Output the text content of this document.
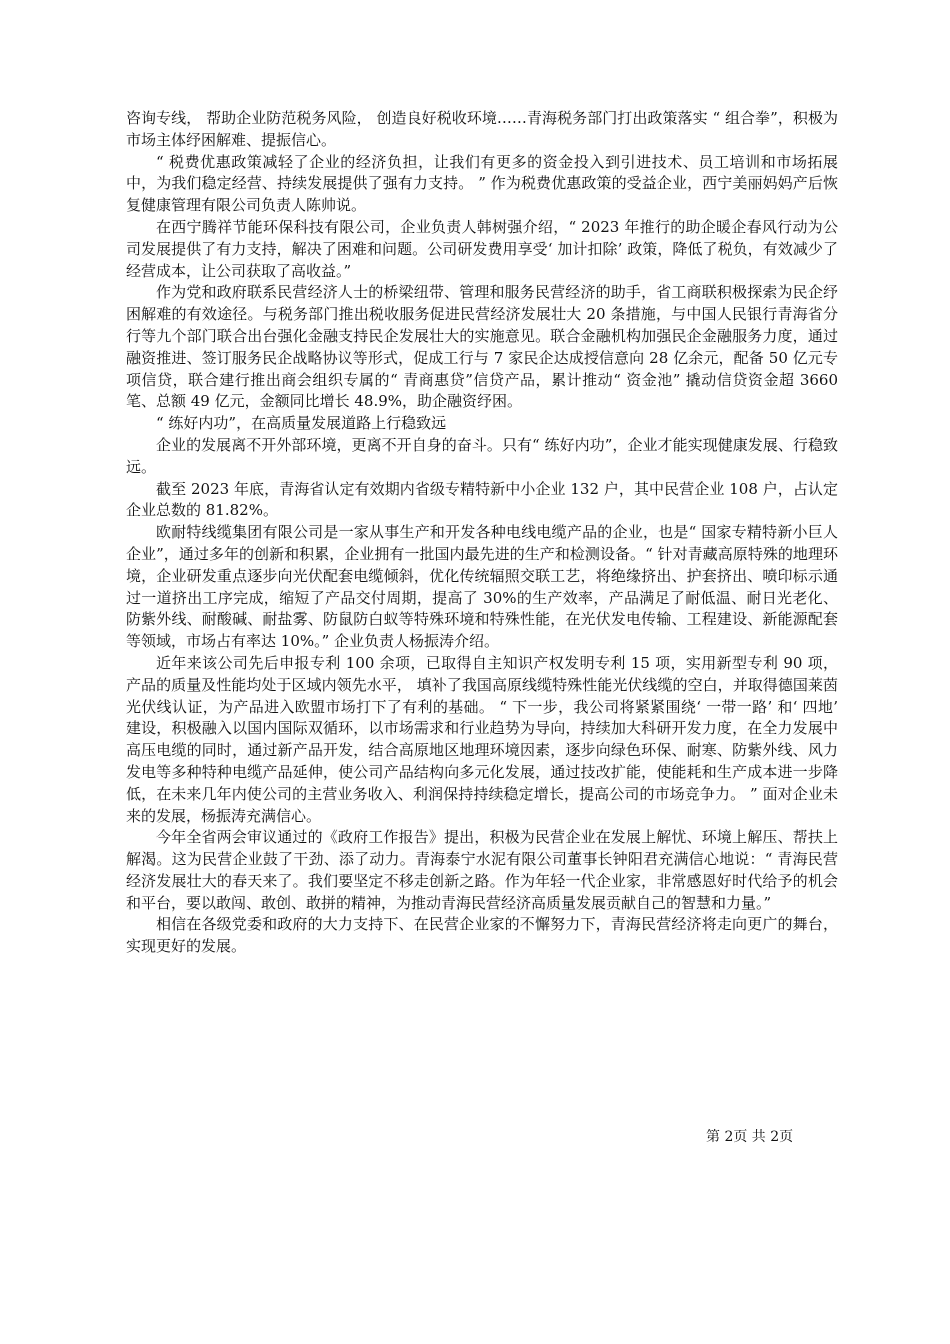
咨询专线， 帮助企业防范税务风险， 创造良好税收环境……青海税务部门打出政策落实 “ 组合拳”，积极为市场主体纾困解难、提振信心。

“ 税费优惠政策减轻了企业的经济负担，让我们有更多的资金投入到引进技术、员工培训和市场拓展中，为我们稳定经营、持续发展提供了强有力支持。 ” 作为税费优惠政策的受益企业，西宁美丽妈妈产后恢复健康管理有限公司负责人陈帅说。

在西宁腾祥节能环保科技有限公司，企业负责人韩树强介绍，“ 2023 年推行的助企暖企春风行动为公司发展提供了有力支持，解决了困难和问题。公司研发费用享受‘ 加计扣除’ 政策，降低了税负，有效减少了经营成本，让公司获取了高收益。”

作为党和政府联系民营经济人士的桥梁纽带、管理和服务民营经济的助手，省工商联积极探索为民企纾困解难的有效途径。与税务部门推出税收服务促进民营经济发展壮大 20 条措施，与中国人民银行青海省分行等九个部门联合出台强化金融支持民企发展壮大的实施意见。联合金融机构加强民企金融服务力度，通过融资推进、签订服务民企战略协议等形式，促成工行与 7 家民企达成授信意向 28 亿余元，配备 50 亿元专项信贷，联合建行推出商会组织专属的“ 青商惠贷”信贷产品，累计推动“ 资金池” 撬动信贷资金超 3660 笔、总额 49 亿元，金额同比增长 48.9%，助企融资纾困。

“ 练好内功”，在高质量发展道路上行稳致远

企业的发展离不开外部环境，更离不开自身的奋斗。只有“ 练好内功”，企业才能实现健康发展、行稳致远。

截至 2023 年底，青海省认定有效期内省级专精特新中小企业 132 户，其中民营企业 108 户，占认定企业总数的 81.82%。

欧耐特线缆集团有限公司是一家从事生产和开发各种电线电缆产品的企业，也是“ 国家专精特新小巨人企业”，通过多年的创新和积累，企业拥有一批国内最先进的生产和检测设备。“ 针对青藏高原特殊的地理环境，企业研发重点逐步向光伏配套电缆倾斜，优化传统辐照交联工艺，将绝缘挤出、护套挤出、喷印标示通过一道挤出工序完成，缩短了产品交付周期，提高了 30%的生产效率，产品满足了耐低温、耐日光老化、防紫外线、耐酸碱、耐盐雾、防鼠防白蚁等特殊环境和特殊性能，在光伏发电传输、工程建设、新能源配套等领域，市场占有率达 10%。” 企业负责人杨振涛介绍。

近年来该公司先后申报专利 100 余项，已取得自主知识产权发明专利 15 项，实用新型专利 90 项， 产品的质量及性能均处于区域内领先水平， 填补了我国高原线缆特殊性能光伏线缆的空白，并取得德国莱茵光伏线认证，为产品进入欧盟市场打下了有利的基础。 “ 下一步，我公司将紧紧围绕‘ 一带一路’ 和‘ 四地’ 建设，积极融入以国内国际双循环，以市场需求和行业趋势为导向，持续加大科研开发力度，在全力发展中高压电缆的同时，通过新产品开发，结合高原地区地理环境因素，逐步向绿色环保、耐寒、防紫外线、风力发电等多种特种电缆产品延伸，使公司产品结构向多元化发展，通过技改扩能，使能耗和生产成本进一步降低，在未来几年内使公司的主营业务收入、利润保持持续稳定增长，提高公司的市场竞争力。 ” 面对企业未来的发展，杨振涛充满信心。

今年全省两会审议通过的《政府工作报告》提出，积极为民营企业在发展上解忧、环境上解压、帮扶上解渴。这为民营企业鼓了干劲、添了动力。青海泰宁水泥有限公司董事长钟阳君充满信心地说：“ 青海民营经济发展壮大的春天来了。我们要坚定不移走创新之路。作为年轻一代企业家，非常感恩好时代给予的机会和平台，要以敢闯、敢创、敢拼的精神，为推动青海民营经济高质量发展贡献自己的智慧和力量。”

相信在各级党委和政府的大力支持下、在民营企业家的不懈努力下，青海民营经济将走向更广的舞台，实现更好的发展。

第 2页 共 2页
